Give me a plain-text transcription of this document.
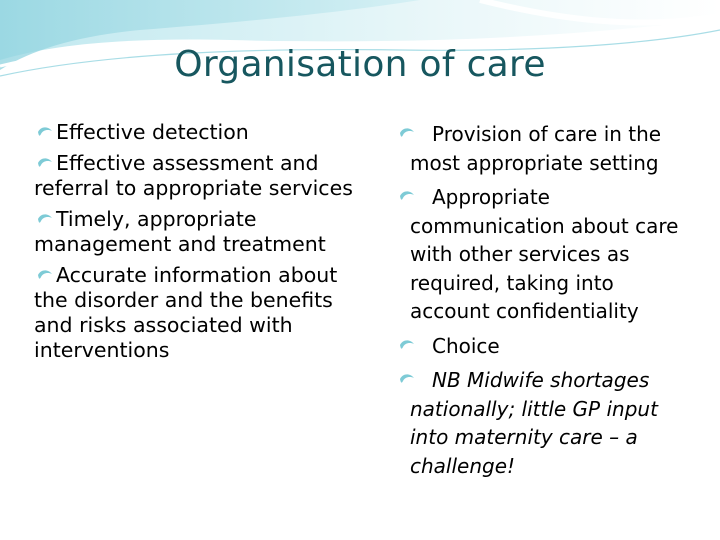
Organisation of care
Effective detection
Effective assessment and referral to appropriate services
Timely, appropriate management and treatment
Accurate information about the disorder and the benefits and risks associated with interventions
Provision of care in the most appropriate setting
Appropriate communication about care with other services as required, taking into account confidentiality
Choice
NB Midwife shortages nationally; little GP input into maternity care – a challenge!
